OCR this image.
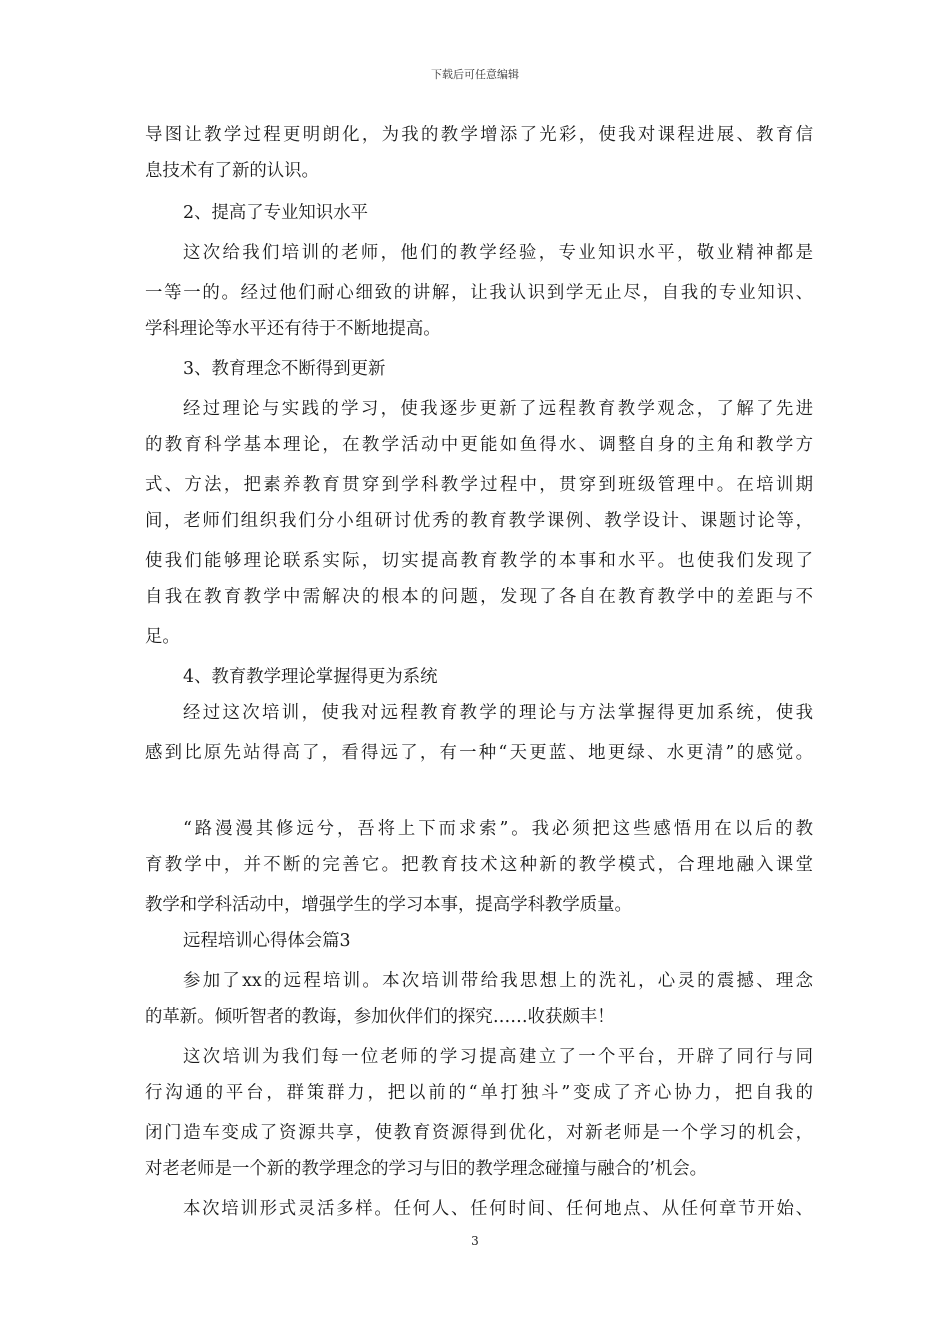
下载后可任意编辑
导图让教学过程更明朗化，为我的教学增添了光彩，使我对课程进展、教育信
息技术有了新的认识。
2、提高了专业知识水平
这次给我们培训的老师，他们的教学经验，专业知识水平，敬业精神都是
一等一的。经过他们耐心细致的讲解，让我认识到学无止尽，自我的专业知识、
学科理论等水平还有待于不断地提高。
3、教育理念不断得到更新
经过理论与实践的学习，使我逐步更新了远程教育教学观念，了解了先进
的教育科学基本理论，在教学活动中更能如鱼得水、调整自身的主角和教学方
式、方法，把素养教育贯穿到学科教学过程中，贯穿到班级管理中。在培训期
间，老师们组织我们分小组研讨优秀的教育教学课例、教学设计、课题讨论等，
使我们能够理论联系实际，切实提高教育教学的本事和水平。也使我们发现了
自我在教育教学中需解决的根本的问题，发现了各自在教育教学中的差距与不
足。
4、教育教学理论掌握得更为系统
经过这次培训，使我对远程教育教学的理论与方法掌握得更加系统，使我
感到比原先站得高了，看得远了，有一种“天更蓝、地更绿、水更清”的感觉。
“路漫漫其修远兮，吾将上下而求索”。我必须把这些感悟用在以后的教
育教学中，并不断的完善它。把教育技术这种新的教学模式，合理地融入课堂
教学和学科活动中，增强学生的学习本事，提高学科教学质量。
远程培训心得体会篇3
参加了xx的远程培训。本次培训带给我思想上的洗礼，心灵的震撼、理念
的革新。倾听智者的教诲，参加伙伴们的探究……收获颇丰！
这次培训为我们每一位老师的学习提高建立了一个平台，开辟了同行与同
行沟通的平台，群策群力，把以前的“单打独斗”变成了齐心协力，把自我的
闭门造车变成了资源共享，使教育资源得到优化，对新老师是一个学习的机会，
对老老师是一个新的教学理念的学习与旧的教学理念碰撞与融合的’机会。
本次培训形式灵活多样。任何人、任何时间、任何地点、从任何章节开始、
3
